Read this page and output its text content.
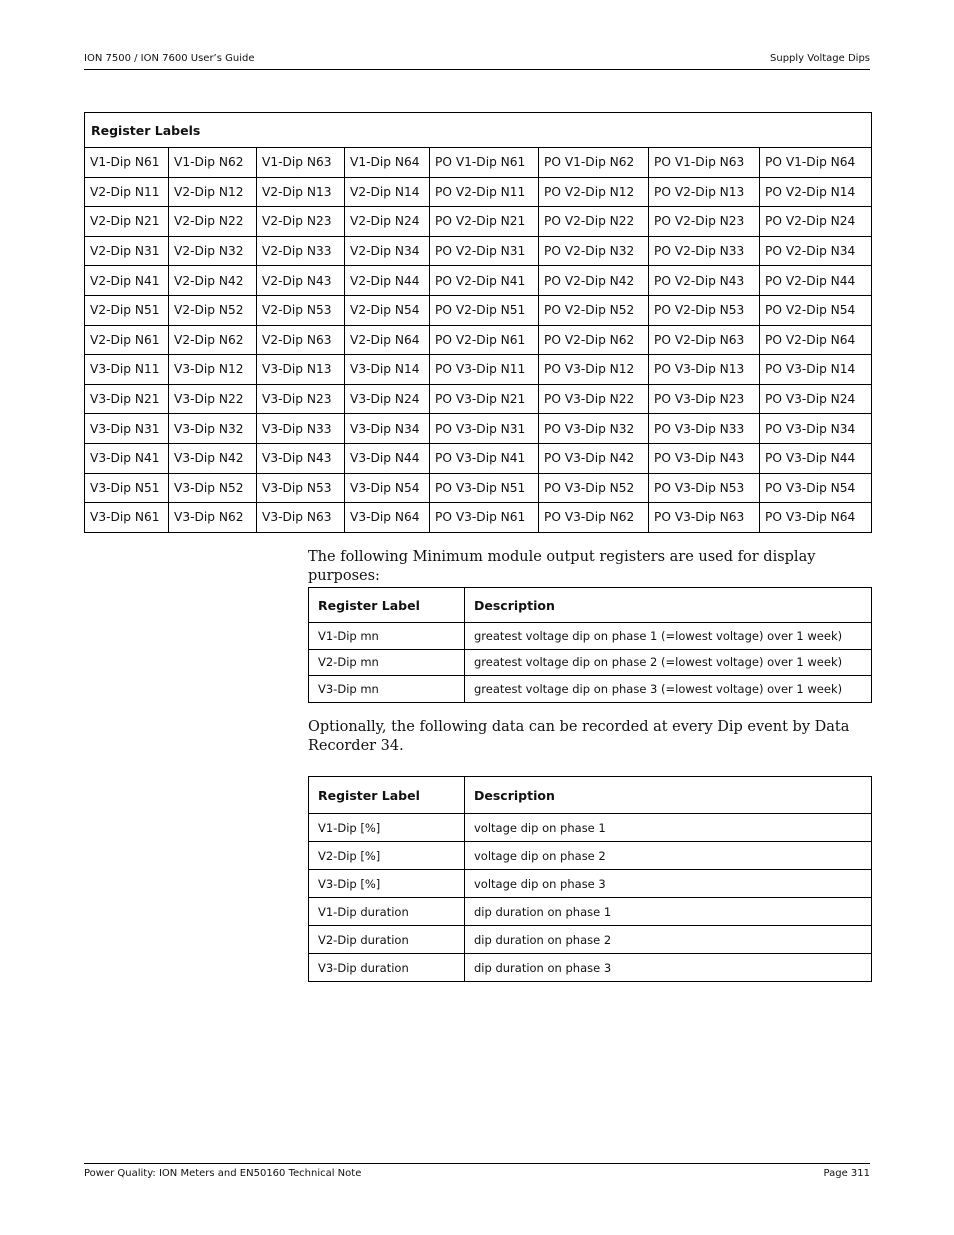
ION 7500 / ION 7600 User’s Guide	Supply Voltage Dips
Register Labels							
V1-Dip N61	V1-Dip N62	V1-Dip N63	V1-Dip N64	PO V1-Dip N61	PO V1-Dip N62	PO V1-Dip N63	PO V1-Dip N64
V2-Dip N11	V2-Dip N12	V2-Dip N13	V2-Dip N14	PO V2-Dip N11	PO V2-Dip N12	PO V2-Dip N13	PO V2-Dip N14
V2-Dip N21	V2-Dip N22	V2-Dip N23	V2-Dip N24	PO V2-Dip N21	PO V2-Dip N22	PO V2-Dip N23	PO V2-Dip N24
V2-Dip N31	V2-Dip N32	V2-Dip N33	V2-Dip N34	PO V2-Dip N31	PO V2-Dip N32	PO V2-Dip N33	PO V2-Dip N34
V2-Dip N41	V2-Dip N42	V2-Dip N43	V2-Dip N44	PO V2-Dip N41	PO V2-Dip N42	PO V2-Dip N43	PO V2-Dip N44
V2-Dip N51	V2-Dip N52	V2-Dip N53	V2-Dip N54	PO V2-Dip N51	PO V2-Dip N52	PO V2-Dip N53	PO V2-Dip N54
V2-Dip N61	V2-Dip N62	V2-Dip N63	V2-Dip N64	PO V2-Dip N61	PO V2-Dip N62	PO V2-Dip N63	PO V2-Dip N64
V3-Dip N11	V3-Dip N12	V3-Dip N13	V3-Dip N14	PO V3-Dip N11	PO V3-Dip N12	PO V3-Dip N13	PO V3-Dip N14
V3-Dip N21	V3-Dip N22	V3-Dip N23	V3-Dip N24	PO V3-Dip N21	PO V3-Dip N22	PO V3-Dip N23	PO V3-Dip N24
V3-Dip N31	V3-Dip N32	V3-Dip N33	V3-Dip N34	PO V3-Dip N31	PO V3-Dip N32	PO V3-Dip N33	PO V3-Dip N34
V3-Dip N41	V3-Dip N42	V3-Dip N43	V3-Dip N44	PO V3-Dip N41	PO V3-Dip N42	PO V3-Dip N43	PO V3-Dip N44
V3-Dip N51	V3-Dip N52	V3-Dip N53	V3-Dip N54	PO V3-Dip N51	PO V3-Dip N52	PO V3-Dip N53	PO V3-Dip N54
V3-Dip N61	V3-Dip N62	V3-Dip N63	V3-Dip N64	PO V3-Dip N61	PO V3-Dip N62	PO V3-Dip N63	PO V3-Dip N64
The following Minimum module output registers are used for display purposes:
Register Label	Description
V1-Dip mn	greatest voltage dip on phase 1 (=lowest voltage) over 1 week)
V2-Dip mn	greatest voltage dip on phase 2 (=lowest voltage) over 1 week)
V3-Dip mn	greatest voltage dip on phase 3 (=lowest voltage) over 1 week)
Optionally, the following data can be recorded at every Dip event by Data Recorder 34.
Register Label	Description
V1-Dip [%]	voltage dip on phase 1
V2-Dip [%]	voltage dip on phase 2
V3-Dip [%]	voltage dip on phase 3
V1-Dip duration	dip duration on phase 1
V2-Dip duration	dip duration on phase 2
V3-Dip duration	dip duration on phase 3
Power Quality: ION Meters and EN50160 Technical Note	Page 311
